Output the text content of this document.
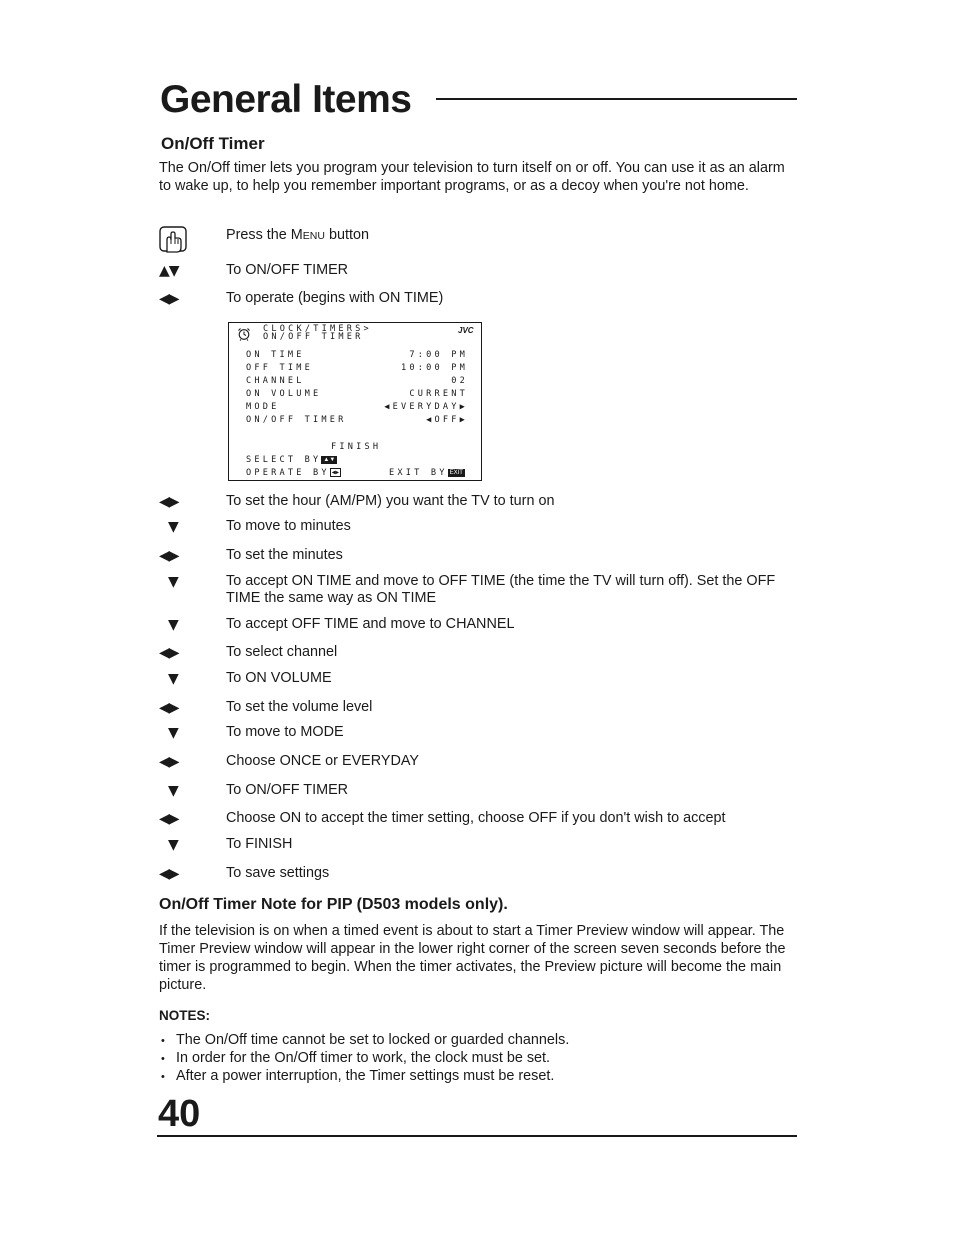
General Items
On/Off Timer

The On/Off timer lets you program your television to turn itself on or off. You can use it as an alarm to wake up, to help you remember important programs, or as a decoy when you're not home.

Press the MENU button
▲▼	To ON/OFF TIMER
◀▶	To operate (begins with ON TIME)
CLOCK/TIMERS>
ON/OFF TIMER
JVC
ON TIME	7:00 PM
OFF TIME	10:00 PM
CHANNEL	02
ON VOLUME	CURRENT
MODE	◀EVERYDAY▶
ON/OFF TIMER	◀OFF▶
FINISH
SELECT BY ▲▼
OPERATE BY ◀▶	EXIT BY EXIT
◀▶	To set the hour (AM/PM) you want the TV to turn on
▼	To move to minutes
◀▶	To set the minutes
▼	To accept ON TIME and move to OFF TIME (the time the TV will turn off). Set the OFF TIME the same way as ON TIME
▼	To accept OFF TIME and move to CHANNEL
◀▶	To select channel
▼	To ON VOLUME
◀▶	To set the volume level
▼	To move to MODE
◀▶	Choose ONCE or EVERYDAY
▼	To ON/OFF TIMER
◀▶	Choose ON to accept the timer setting, choose OFF if you don't wish to accept
▼	To FINISH
◀▶	To save settings
On/Off Timer Note for PIP (D503 models only).

If the television is on when a timed event is about to start a Timer Preview window will appear. The Timer Preview window will appear in the lower right corner of the screen seven seconds before the timer is programmed to begin. When the timer activates, the Preview picture will become the main picture.

NOTES:
• The On/Off time cannot be set to locked or guarded channels.
• In order for the On/Off timer to work, the clock must be set.
• After a power interruption, the Timer settings must be reset.
40
